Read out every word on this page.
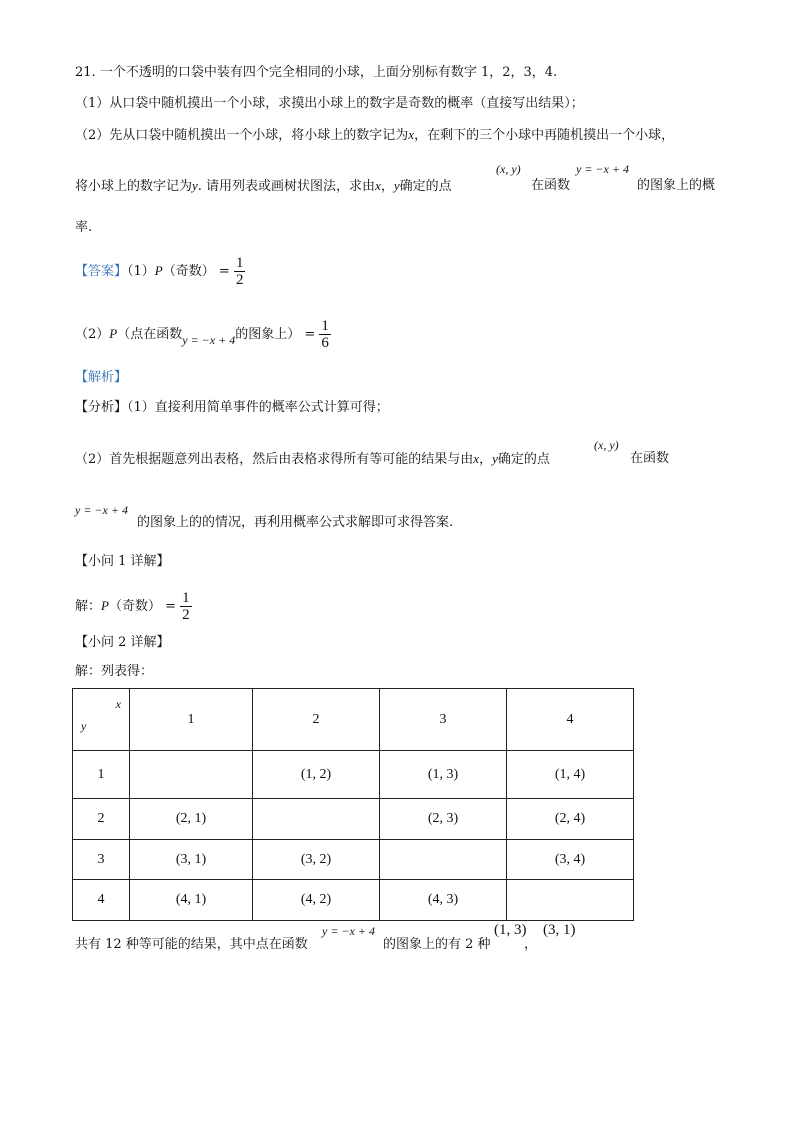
21. 一个不透明的口袋中装有四个完全相同的小球，上面分别标有数字 1，2，3，4.
（1）从口袋中随机摸出一个小球，求摸出小球上的数字是奇数的概率（直接写出结果）；
（2）先从口袋中随机摸出一个小球，将小球上的数字记为x，在剩下的三个小球中再随机摸出一个小球，
将小球上的数字记为y. 请用列表或画树状图法，求由x，y确定的点
(x, y)
在函数
y = −x + 4
的图象上的概
率.
【答案】（1）P（奇数） = $\frac{1}{2}$
（2）P（点在函数y = −x + 4的图象上） = $\frac{1}{6}$
【解析】
【分析】（1）直接利用简单事件的概率公式计算可得；
（2）首先根据题意列出表格，然后由表格求得所有等可能的结果与由x，y确定的点
(x, y)
在函数
y = −x + 4
的图象上的的情况，再利用概率公式求解即可求得答案.
【小问 1 详解】
解：P（奇数） = $\frac{1}{2}$
【小问 2 详解】
解：列表得：
x
y	1	2	3	4
1		(1, 2)	(1, 3)	(1, 4)
2	(2, 1)		(2, 3)	(2, 4)
3	(3, 1)	(3, 2)		(3, 4)
4	(4, 1)	(4, 2)	(4, 3)	
共有 12 种等可能的结果，其中点在函数
y = −x + 4
的图象上的有 2 种
(1, 3)
，
(3, 1)
